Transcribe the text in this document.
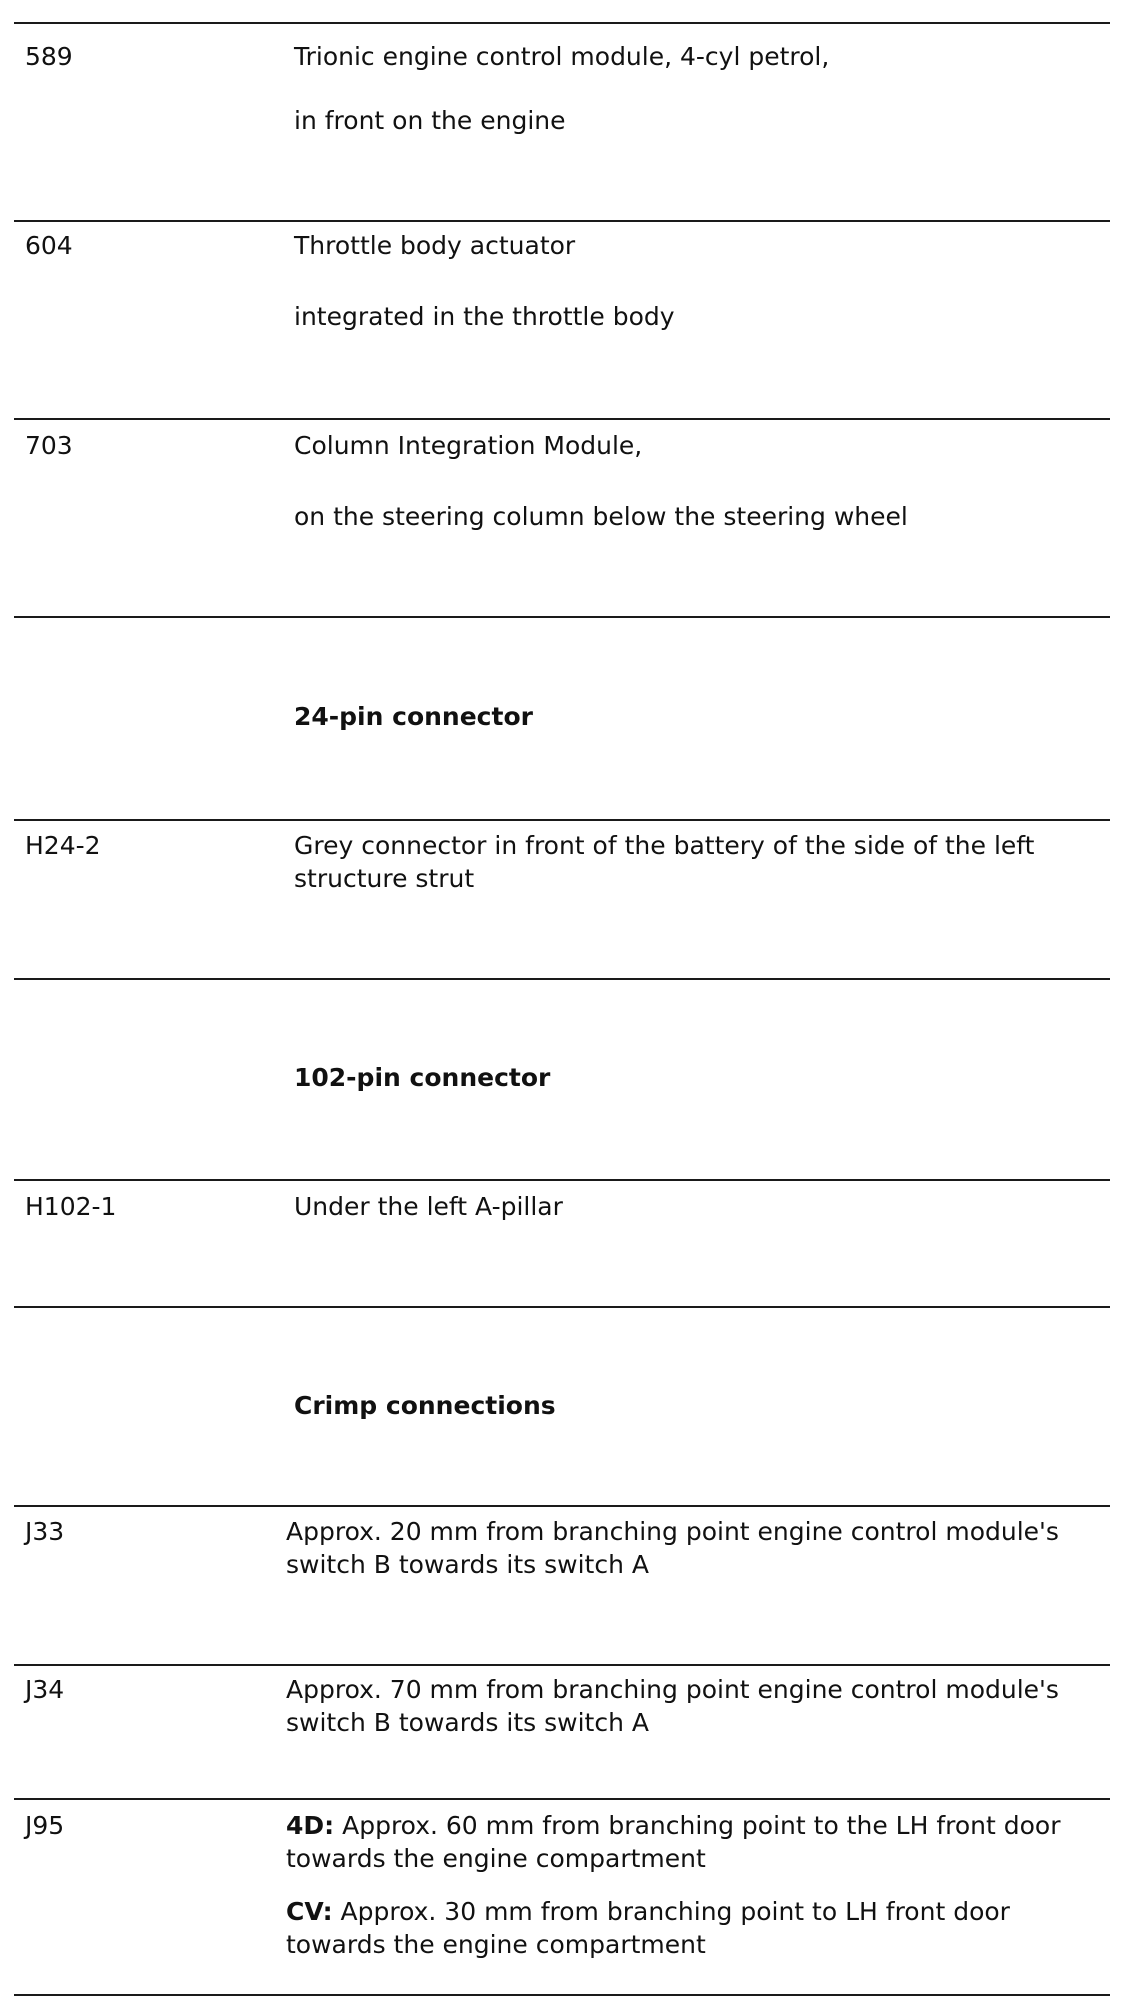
589	Trionic engine control module, 4-cyl petrol,
in front on the engine
604	Throttle body actuator
integrated in the throttle body
703	Column Integration Module,
on the steering column below the steering wheel
24-pin connector
H24-2	Grey connector in front of the battery of the side of the left structure strut
102-pin connector
H102-1	Under the left A-pillar
Crimp connections
J33	Approx. 20 mm from branching point engine control module's switch B towards its switch A
J34	Approx. 70 mm from branching point engine control module's switch B towards its switch A
J95	4D: Approx. 60 mm from branching point to the LH front door towards the engine compartment
CV: Approx. 30 mm from branching point to LH front door towards the engine compartment
